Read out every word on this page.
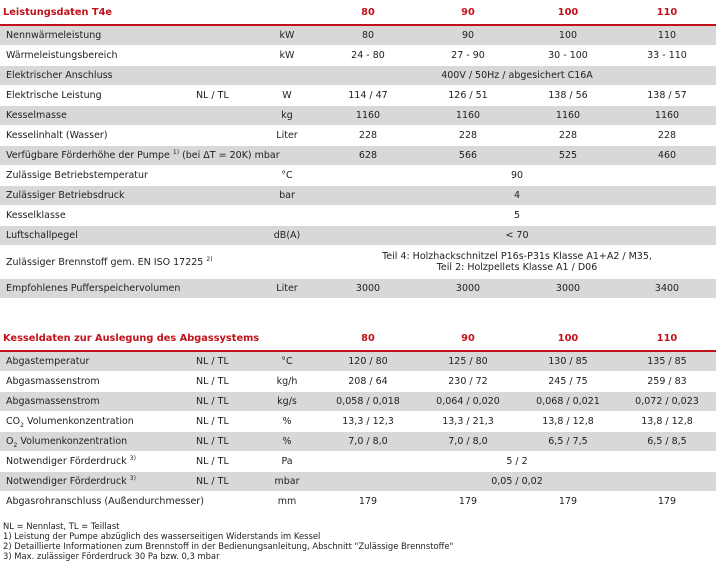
Leistungsdaten T4e			80	90	100	110
Nennwärmeleistung		kW	80	90	100	110
Wärmeleistungsbereich		kW	24 - 80	27 - 90	30 - 100	33 - 110
Elektrischer Anschluss			400V / 50Hz / abgesichert C16A			
Elektrische Leistung	NL / TL	W	114 / 47	126 / 51	138 / 56	138 / 57
Kesselmasse		kg	1160	1160	1160	1160
Kesselinhalt (Wasser)		Liter	228	228	228	228
Verfügbare Förderhöhe der Pumpe $^{1)}$ (bei ΔT = 20K) mbar			628	566	525	460
Zulässige Betriebstemperatur		°C	90			
Zulässiger Betriebsdruck		bar	4			
Kesselklasse			5			
Luftschallpegel		dB(A)	< 70			
Zulässiger Brennstoff gem. EN ISO 17225 $^{2)}$			Teil 4: Holzhackschnitzel P16s-P31s Klasse A1+A2 / M35,
Teil 2: Holzpellets Klasse A1 / D06			

Empfohlenes Pufferspeichervolumen		Liter	3000	3000	3000	3400
Kesseldaten zur Auslegung des Abgassystems			80	90	100	110
Abgastemperatur	NL / TL	°C	120 / 80	125 / 80	130 / 85	135 / 85
Abgasmassenstrom	NL / TL	kg/h	208 / 64	230 / 72	245 / 75	259 / 83
Abgasmassenstrom	NL / TL	kg/s	0,058 / 0,018	0,064 / 0,020	0,068 / 0,021	0,072 / 0,023
$CO_2$ Volumenkonzentration	NL / TL	%	13,3 / 12,3	13,3 / 21,3	13,8 / 12,8	13,8 / 12,8
$O_2$ Volumenkonzentration	NL / TL	%	7,0 / 8,0	7,0 / 8,0	6,5 / 7,5	6,5 / 8,5
Notwendiger Förderdruck $^{3)}$	NL / TL	Pa	5 / 2			
Notwendiger Förderdruck $^{3)}$	NL / TL	mbar	0,05 / 0,02			
Abgasrohranschluss (Außendurchmesser)		mm	179	179	179	179
NL = Nennlast, TL = Teillast
1) Leistung der Pumpe abzüglich des wasserseitigen Widerstands im Kessel
2) Detaillierte Informationen zum Brennstoff in der Bedienungsanleitung, Abschnitt "Zulässige Brennstoffe"
3) Max. zulässiger Förderdruck 30 Pa bzw. 0,3 mbar
